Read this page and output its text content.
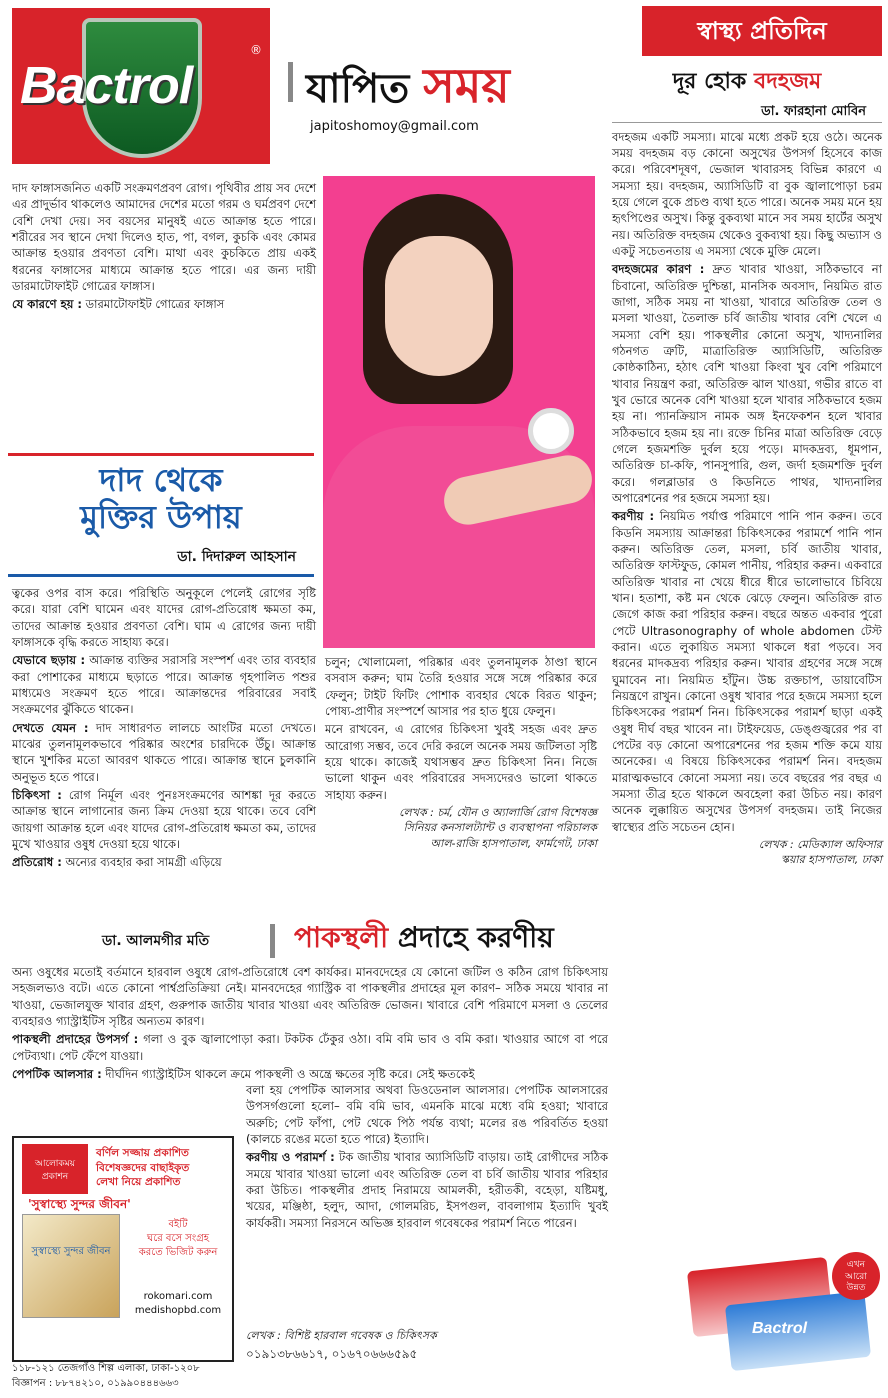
Bactrol
®
যাপিত সময়
japitoshomoy@gmail.com

দাদ ফাঙ্গাসজনিত একটি সংক্রমণপ্রবণ রোগ। পৃথিবীর প্রায় সব দেশে এর প্রাদুর্ভাব থাকলেও আমাদের দেশের মতো গরম ও ঘর্মপ্রবণ দেশে বেশি দেখা দেয়। সব বয়সের মানুষই এতে আক্রান্ত হতে পারে। শরীরের সব স্থানে দেখা দিলেও হাত, পা, বগল, কুচকি এবং কোমর আক্রান্ত হওয়ার প্রবণতা বেশি। মাথা এবং কুচকিতে প্রায় একই ধরনের ফাঙ্গাসের মাধ্যমে আক্রান্ত হতে পারে। এর জন্য দায়ী ডারমাটোফাইট গোত্রের ফাঙ্গাস।

যে কারণে হয় : ডারমাটোফাইট গোত্রের ফাঙ্গাস

দাদ থেকে
মুক্তির উপায়
ডা. দিদারুল আহসান

ত্বকের ওপর বাস করে। পরিস্থিতি অনুকূলে পেলেই রোগের সৃষ্টি করে। যারা বেশি ঘামেন এবং যাদের রোগ-প্রতিরোধ ক্ষমতা কম, তাদের আক্রান্ত হওয়ার প্রবণতা বেশি। ঘাম এ রোগের জন্য দায়ী ফাঙ্গাসকে বৃদ্ধি করতে সাহায্য করে।

যেভাবে ছড়ায় : আক্রান্ত ব্যক্তির সরাসরি সংস্পর্শ এবং তার ব্যবহার করা পোশাকের মাধ্যমে ছড়াতে পারে। আক্রান্ত গৃহপালিত পশুর মাধ্যমেও সংক্রমণ হতে পারে। আক্রান্তদের পরিবারের সবাই সংক্রমণের ঝুঁকিতে থাকেন।

দেখতে যেমন : দাদ সাধারণত লালচে আংটির মতো দেখতে। মাঝের তুলনামূলকভাবে পরিষ্কার অংশের চারদিকে উঁচু। আক্রান্ত স্থানে খুশকির মতো আবরণ থাকতে পারে। আক্রান্ত স্থানে চুলকানি অনুভূত হতে পারে।

চিকিৎসা : রোগ নির্মূল এবং পুনঃসংক্রমণের আশঙ্কা দূর করতে আক্রান্ত স্থানে লাগানোর জন্য ক্রিম দেওয়া হয়ে থাকে। তবে বেশি জায়গা আক্রান্ত হলে এবং যাদের রোগ-প্রতিরোধ ক্ষমতা কম, তাদের মুখে খাওয়ার ওষুধ দেওয়া হয়ে থাকে।

প্রতিরোধ : অন্যের ব্যবহার করা সামগ্রী এড়িয়ে

চলুন; খোলামেলা, পরিষ্কার এবং তুলনামূলক ঠাণ্ডা স্থানে বসবাস করুন; ঘাম তৈরি হওয়ার সঙ্গে সঙ্গে পরিষ্কার করে ফেলুন; টাইট ফিটিং পোশাক ব্যবহার থেকে বিরত থাকুন; পোষ্য-প্রাণীর সংস্পর্শে আসার পর হাত ধুয়ে ফেলুন।

মনে রাখবেন, এ রোগের চিকিৎসা খুবই সহজ এবং দ্রুত আরোগ্য সম্ভব, তবে দেরি করলে অনেক সময় জটিলতা সৃষ্টি হয়ে থাকে। কাজেই যথাসম্ভব দ্রুত চিকিৎসা নিন। নিজে ভালো থাকুন এবং পরিবারের সদস্যদেরও ভালো থাকতে সাহায্য করুন।

লেখক : চর্ম, যৌন ও অ্যালার্জি রোগ বিশেষজ্ঞ
সিনিয়র কনসালট্যান্ট ও ব্যবস্থাপনা পরিচালক
আল-রাজি হাসপাতাল, ফার্মগেট, ঢাকা
স্বাস্থ্য প্রতিদিন
দূর হোক বদহজম
ডা. ফারহানা মোবিন

বদহজম একটি সমস্যা। মাঝে মধ্যে প্রকট হয়ে ওঠে। অনেক সময় বদহজম বড় কোনো অসুখের উপসর্গ হিসেবে কাজ করে। পরিবেশদূষণ, ভেজাল খাবারসহ বিভিন্ন কারণে এ সমস্যা হয়। বদহজম, অ্যাসিডিটি বা বুক জ্বালাপোড়া চরম হয়ে গেলে বুকে প্রচণ্ড ব্যথা হতে পারে। অনেক সময় মনে হয় হৃৎপিণ্ডের অসুখ। কিন্তু বুকব্যথা মানে সব সময় হার্টের অসুখ নয়। অতিরিক্ত বদহজম থেকেও বুকব্যথা হয়। কিছু অভ্যাস ও একটু সচেতনতায় এ সমস্যা থেকে মুক্তি মেলে।

বদহজমের কারণ : দ্রুত খাবার খাওয়া, সঠিকভাবে না চিবানো, অতিরিক্ত দুশ্চিন্তা, মানসিক অবসাদ, নিয়মিত রাত জাগা, সঠিক সময় না খাওয়া, খাবারে অতিরিক্ত তেল ও মসলা খাওয়া, তৈলাক্ত চর্বি জাতীয় খাবার বেশি খেলে এ সমস্যা বেশি হয়। পাকস্থলীর কোনো অসুখ, খাদ্যনালির গঠনগত ত্রুটি, মাত্রাতিরিক্ত অ্যাসিডিটি, অতিরিক্ত কোষ্ঠকাঠিন্য, হঠাৎ বেশি খাওয়া কিংবা খুব বেশি পরিমাণে খাবার নিয়ন্ত্রণ করা, অতিরিক্ত ঝাল খাওয়া, গভীর রাতে বা খুব ভোরে অনেক বেশি খাওয়া হলে খাবার সঠিকভাবে হজম হয় না। প্যানক্রিয়াস নামক অঙ্গ ইনফেকশন হলে খাবার সঠিকভাবে হজম হয় না। রক্তে চিনির মাত্রা অতিরিক্ত বেড়ে গেলে হজমশক্তি দুর্বল হয়ে পড়ে। মাদকদ্রব্য, ধূমপান, অতিরিক্ত চা-কফি, পানসুপারি, গুল, জর্দা হজমশক্তি দুর্বল করে। গলব্লাডার ও কিডনিতে পাথর, খাদ্যনালির অপারেশনের পর হজমে সমস্যা হয়।

করণীয় : নিয়মিত পর্যাপ্ত পরিমাণে পানি পান করুন। তবে কিডনি সমস্যায় আক্রান্তরা চিকিৎসকের পরামর্শে পানি পান করুন। অতিরিক্ত তেল, মসলা, চর্বি জাতীয় খাবার, অতিরিক্ত ফাস্টফুড, কোমল পানীয়, পরিহার করুন। একবারে অতিরিক্ত খাবার না খেয়ে ধীরে ধীরে ভালোভাবে চিবিয়ে খান। হতাশা, কষ্ট মন থেকে ঝেড়ে ফেলুন। অতিরিক্ত রাত জেগে কাজ করা পরিহার করুন। বছরে অন্তত একবার পুরো পেটে Ultrasonography of whole abdomen টেস্ট করান। এতে লুকায়িত সমস্যা থাকলে ধরা পড়বে। সব ধরনের মাদকদ্রব্য পরিহার করুন। খাবার গ্রহণের সঙ্গে সঙ্গে ঘুমাবেন না। নিয়মিত হাঁটুন। উচ্চ রক্তচাপ, ডায়াবেটিস নিয়ন্ত্রণে রাখুন। কোনো ওষুধ খাবার পরে হজমে সমস্যা হলে চিকিৎসকের পরামর্শ নিন। চিকিৎসকের পরামর্শ ছাড়া একই ওষুধ দীর্ঘ বছর খাবেন না। টাইফয়েড, ডেঙ্গুজ্বরের পর বা পেটের বড় কোনো অপারেশনের পর হজম শক্তি কমে যায় অনেকের। এ বিষয়ে চিকিৎসকের পরামর্শ নিন। বদহজম মারাত্মকভাবে কোনো সমস্যা নয়। তবে বছরের পর বছর এ সমস্যা তীব্র হতে থাকলে অবহেলা করা উচিত নয়। কারণ অনেক লুক্কায়িত অসুখের উপসর্গ বদহজম। তাই নিজের স্বাস্থ্যের প্রতি সচেতন হোন।

লেখক : মেডিক্যাল অফিসার
স্কয়ার হাসপাতাল, ঢাকা
ডা. আলমগীর মতি	পাকস্থলী প্রদাহে করণীয়

অন্য ওষুধের মতোই বর্তমানে হারবাল ওষুধে রোগ-প্রতিরোধে বেশ কার্যকর। মানবদেহের যে কোনো জটিল ও কঠিন রোগ চিকিৎসায় সহজলভ্যও বটে। এতে কোনো পার্শ্বপ্রতিক্রিয়া নেই। মানবদেহের গ্যাস্ট্রিক বা পাকস্থলীর প্রদাহের মূল কারণ– সঠিক সময়ে খাবার না খাওয়া, ভেজালযুক্ত খাবার গ্রহণ, গুরুপাক জাতীয় খাবার খাওয়া এবং অতিরিক্ত ভোজন। খাবারে বেশি পরিমাণে মসলা ও তেলের ব্যবহারও গ্যাস্ট্রাইটিস সৃষ্টির অন্যতম কারণ।

পাকস্থলী প্রদাহের উপসর্গ : গলা ও বুক জ্বালাপোড়া করা। টকটক ঢেঁকুর ওঠা। বমি বমি ভাব ও বমি করা। খাওয়ার আগে বা পরে পেটব্যথা। পেট ফেঁপে যাওয়া।

পেপটিক আলসার : দীর্ঘদিন গ্যাস্ট্রাইটিস থাকলে ক্রমে পাকস্থলী ও অন্ত্রে ক্ষতের সৃষ্টি করে। সেই ক্ষতকেই

বলা হয় পেপটিক আলসার অথবা ডিওডেনাল আলসার। পেপটিক আলসারের উপসর্গগুলো হলো– বমি বমি ভাব, এমনকি মাঝে মধ্যে বমি হওয়া; খাবারে অরুচি; পেট ফাঁপা, পেট থেকে পিঠ পর্যন্ত ব্যথা; মলের রঙ পরিবর্তিত হওয়া (কালচে রঙের মতো হতে পারে) ইত্যাদি।

করণীয় ও পরামর্শ : টক জাতীয় খাবার অ্যাসিডিটি বাড়ায়। তাই রোগীদের সঠিক সময়ে খাবার খাওয়া ভালো এবং অতিরিক্ত তেল বা চর্বি জাতীয় খাবার পরিহার করা উচিত। পাকস্থলীর প্রদাহ নিরাময়ে আমলকী, হরীতকী, বহেড়া, যষ্টিমধু, খয়ের, মঞ্জিষ্ঠা, হলুদ, আদা, গোলমরিচ, ইসপগুল, বাবলাগাম ইত্যাদি খুবই কার্যকরী। সমস্যা নিরসনে অভিজ্ঞ হারবাল গবেষকের পরামর্শ নিতে পারেন।

লেখক : বিশিষ্ট হারবাল গবেষক ও চিকিৎসক
০১৯১৩৮৬৬১৭, ০১৬৭০৬৬৬৫৯৫
আলোকময় প্রকাশন
বর্ণিল সজ্জায় প্রকাশিত
বিশেষজ্ঞদের বাছাইকৃত
লেখা নিয়ে প্রকাশিত
'সুস্বাস্থ্যে সুন্দর জীবন'
সুস্বাস্থ্যে সুন্দর জীবন
বইটি
ঘরে বসে সংগ্রহ
করতে ভিজিট করুন
rokomari.com
medishopbd.com
১১৮-১২১ তেজগাঁও শিল্প এলাকা, ঢাকা-১২০৮
বিজ্ঞাপন : ৮৮৭৪২১০, ০১৯৯০৪৪৪৬৬৩
Bactrol
এখন
আরো
উন্নত
